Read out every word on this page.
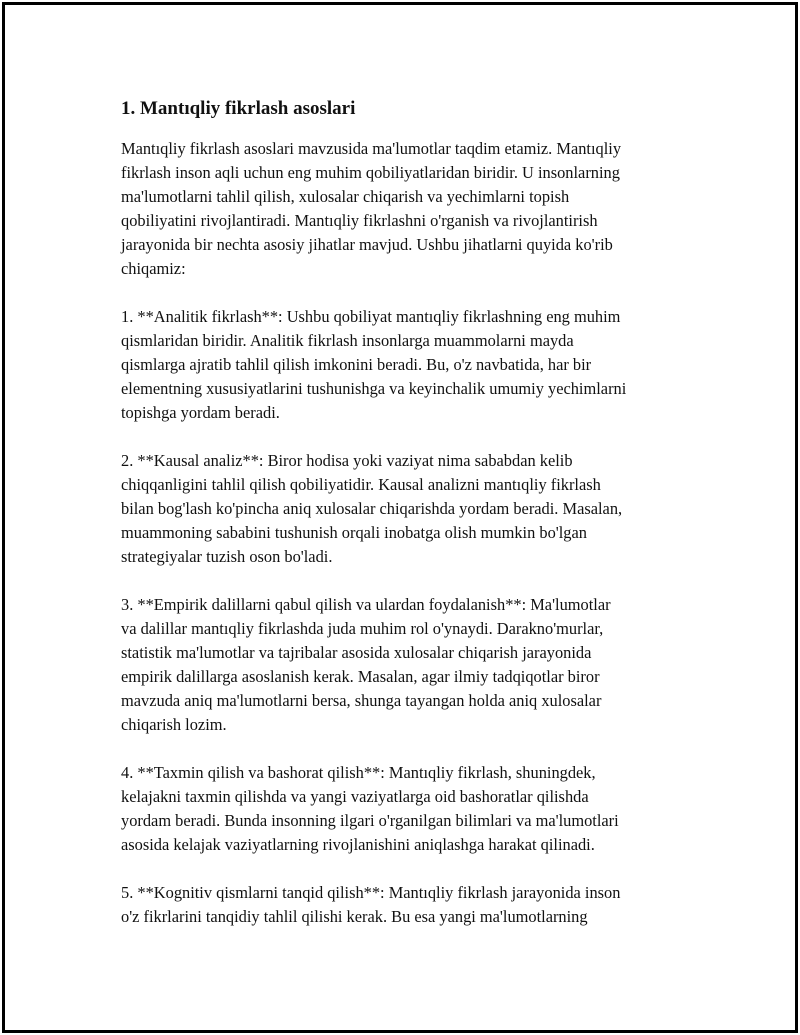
1. Mantıqliy fikrlash asoslari

Mantıqliy fikrlash asoslari mavzusida ma'lumotlar taqdim etamiz. Mantıqliy
fikrlash inson aqli uchun eng muhim qobiliyatlaridan biridir. U insonlarning
ma'lumotlarni tahlil qilish, xulosalar chiqarish va yechimlarni topish
qobiliyatini rivojlantiradi. Mantıqliy fikrlashni o'rganish va rivojlantirish
jarayonida bir nechta asosiy jihatlar mavjud. Ushbu jihatlarni quyida ko'rib
chiqamiz:

1. **Analitik fikrlash**: Ushbu qobiliyat mantıqliy fikrlashning eng muhim
qismlaridan biridir. Analitik fikrlash insonlarga muammolarni mayda
qismlarga ajratib tahlil qilish imkonini beradi. Bu, o'z navbatida, har bir
elementning xususiyatlarini tushunishga va keyinchalik umumiy yechimlarni
topishga yordam beradi.

2. **Kausal analiz**: Biror hodisa yoki vaziyat nima sababdan kelib
chiqqanligini tahlil qilish qobiliyatidir. Kausal analizni mantıqliy fikrlash
bilan bog'lash ko'pincha aniq xulosalar chiqarishda yordam beradi. Masalan,
muammoning sababini tushunish orqali inobatga olish mumkin bo'lgan
strategiyalar tuzish oson bo'ladi.

3. **Empirik dalillarni qabul qilish va ulardan foydalanish**: Ma'lumotlar
va dalillar mantıqliy fikrlashda juda muhim rol o'ynaydi. Darakno'murlar,
statistik ma'lumotlar va tajribalar asosida xulosalar chiqarish jarayonida
empirik dalillarga asoslanish kerak. Masalan, agar ilmiy tadqiqotlar biror
mavzuda aniq ma'lumotlarni bersa, shunga tayangan holda aniq xulosalar
chiqarish lozim.

4. **Taxmin qilish va bashorat qilish**: Mantıqliy fikrlash, shuningdek,
kelajakni taxmin qilishda va yangi vaziyatlarga oid bashoratlar qilishda
yordam beradi. Bunda insonning ilgari o'rganilgan bilimlari va ma'lumotlari
asosida kelajak vaziyatlarning rivojlanishini aniqlashga harakat qilinadi.

5. **Kognitiv qismlarni tanqid qilish**: Mantıqliy fikrlash jarayonida inson
o'z fikrlarini tanqidiy tahlil qilishi kerak. Bu esa yangi ma'lumotlarning
